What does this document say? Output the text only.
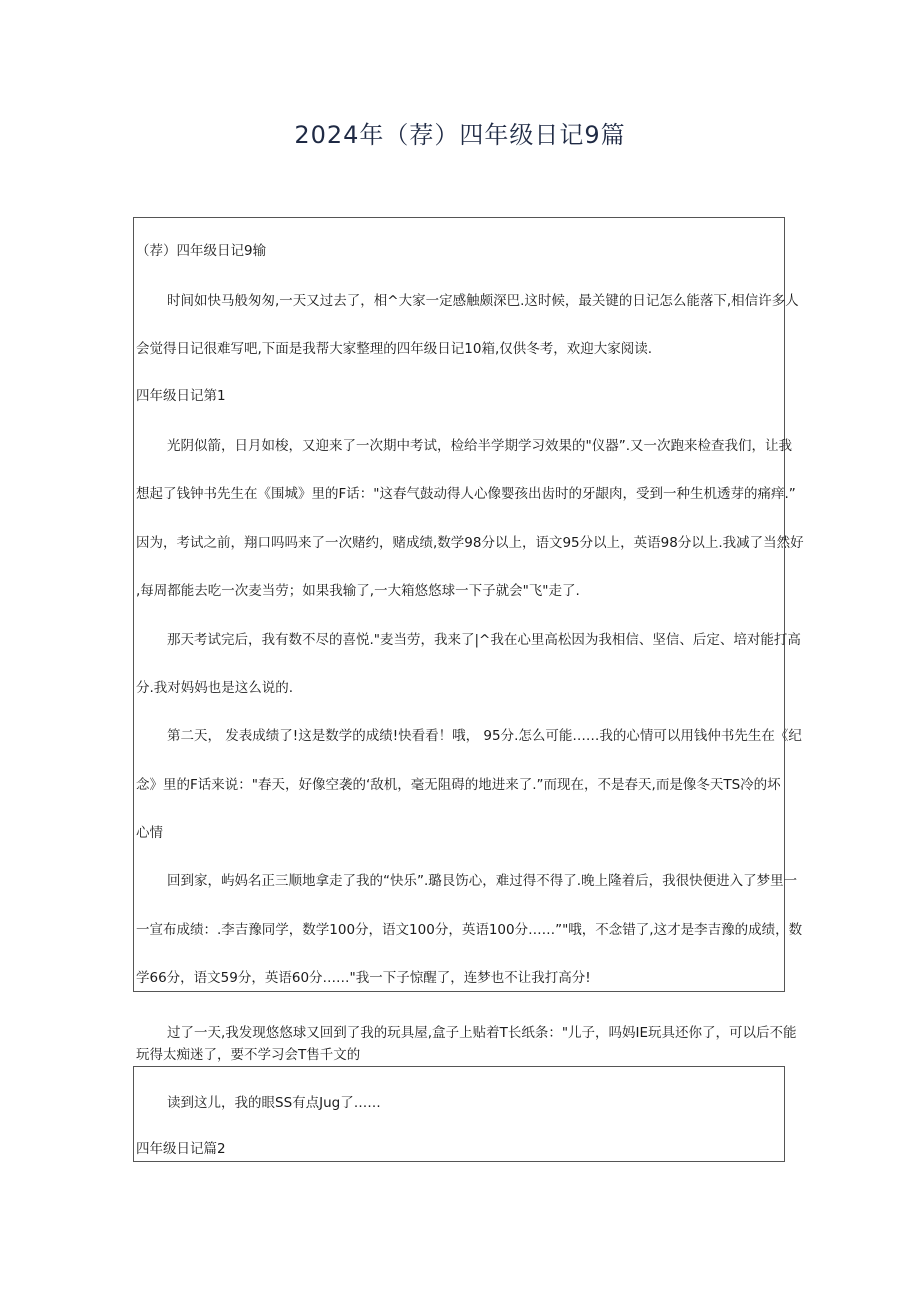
2024年（荐）四年级日记9篇
（荐）四年级日记9输
时间如快马般匆匆,一天又过去了，相^大家一定感触颇深巴.这时候，最关键的日记怎么能落下,相信许多人
会觉得日记很难写吧,下面是我帮大家整理的四年级日记10箱,仅供冬考，欢迎大家阅读.
四年级日记第1
光阴似箭，日月如梭，又迎来了一次期中考试，检给半学期学习效果的"仪器”.又一次跑来检查我们，让我
想起了钱钟书先生在《围城》里的F话："这春气鼓动得人心像婴孩出齿时的牙龈肉，受到一种生机透芽的痛痒.”
因为，考试之前，翔口吗吗来了一次赌约，赌成绩,数学98分以上，语文95分以上，英语98分以上.我减了当然好
,每周都能去吃一次麦当劳；如果我输了,一大箱悠悠球一下子就会"飞"走了.
那天考试完后，我有数不尽的喜悦."麦当劳，我来了|^我在心里高松因为我相信、坚信、后定、培对能打高
分.我对妈妈也是这么说的.
第二天， 发表成绩了!这是数学的成绩!快看看！哦， 95分.怎么可能……我的心情可以用钱仲书先生在《纪
念》里的F话来说："春天，好像空袭的‘敌机，毫无阻碍的地进来了.”而现在，不是春天,而是像冬天TS冷的坏
心情
回到家，屿妈名正三顺地拿走了我的“快乐”.璐艮饬心，难过得不得了.晚上隆着后，我很快便进入了梦里一
一宣布成绩：.李吉豫同学，数学100分，语文100分，英语100分……”"哦，不念错了,这才是李吉豫的成绩，数
学66分，语文59分，英语60分……"我一下子惊醒了，连梦也不让我打高分!
过了一天,我发现悠悠球又回到了我的玩具屋,盒子上贴着T长纸条："儿子，吗妈IE玩具还你了，可以后不能
玩得太痴迷了，要不学习会T售千文的
读到这儿，我的眼SS有点Jug了……
四年级日记篇2
